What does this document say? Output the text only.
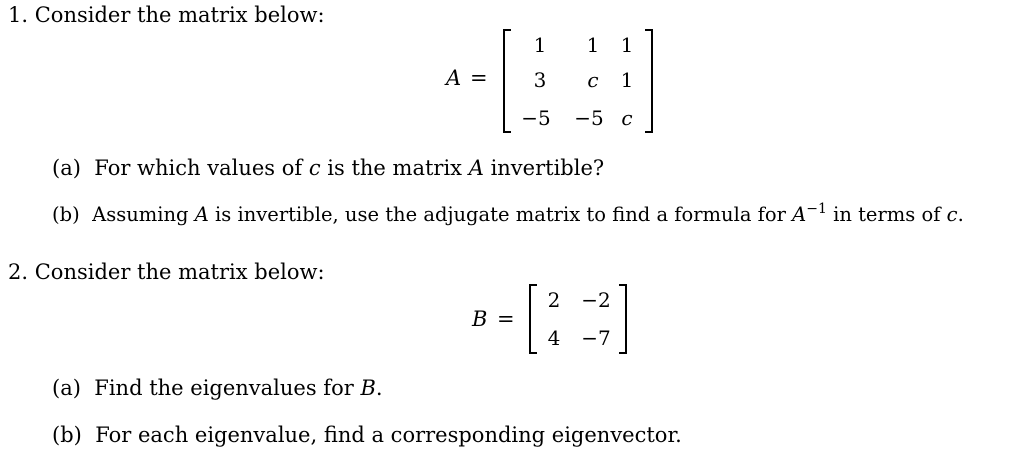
1. Consider the matrix below:
A =
1	1	1
3	c	1
−5 −5 c
(a) For which values of c is the matrix A invertible?
(b) Assuming A is invertible, use the adjugate matrix to find a formula for $A^{-1}$ in terms of c.
2. Consider the matrix below:
B =
2	−2
4	−7
(a) Find the eigenvalues for B.
(b) For each eigenvalue, find a corresponding eigenvector.
